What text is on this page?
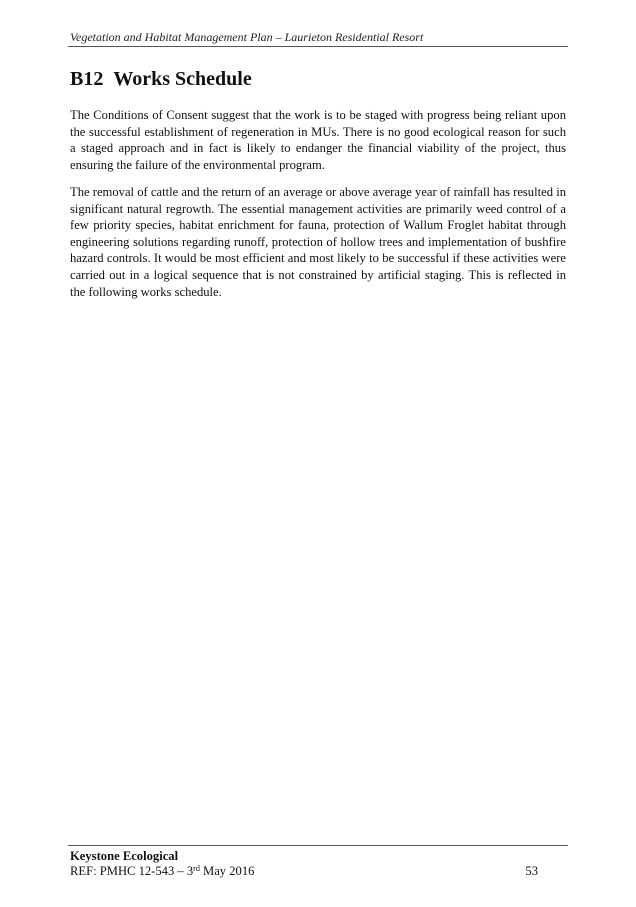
Vegetation and Habitat Management Plan – Laurieton Residential Resort
B12 Works Schedule

The Conditions of Consent suggest that the work is to be staged with progress being reliant upon the successful establishment of regeneration in MUs. There is no good ecological reason for such a staged approach and in fact is likely to endanger the financial viability of the project, thus ensuring the failure of the environmental program.

The removal of cattle and the return of an average or above average year of rainfall has resulted in significant natural regrowth. The essential management activities are primarily weed control of a few priority species, habitat enrichment for fauna, protection of Wallum Froglet habitat through engineering solutions regarding runoff, protection of hollow trees and implementation of bushfire hazard controls. It would be most efficient and most likely to be successful if these activities were carried out in a logical sequence that is not constrained by artificial staging. This is reflected in the following works schedule.

Keystone Ecological
REF: PMHC 12-543 – 3rd May 2016	53
